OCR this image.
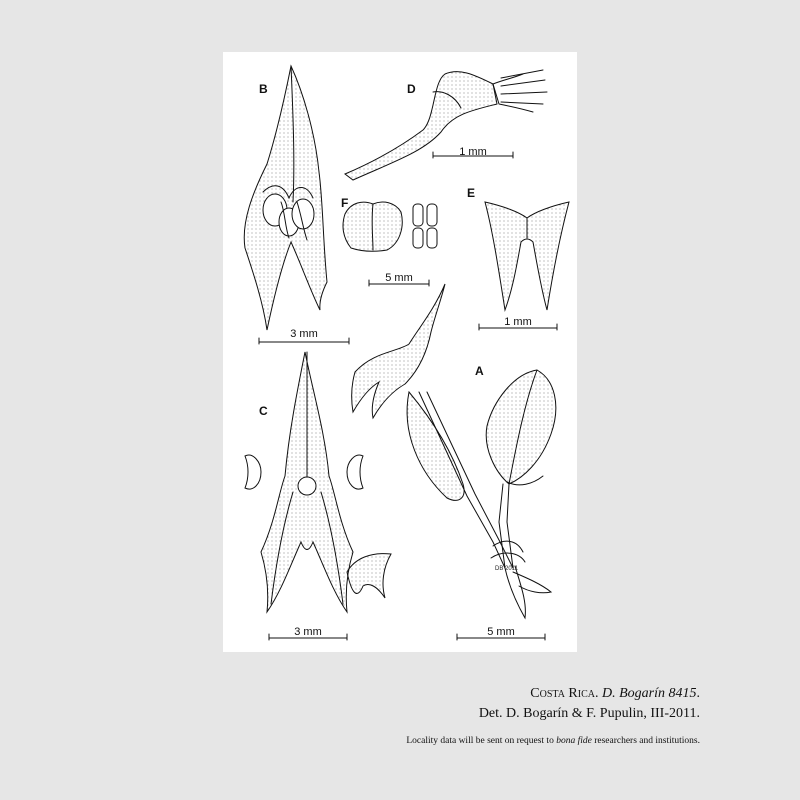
B	D
F
E
A
C
1 mm
5 mm
1 mm
3 mm
3 mm	5 mm
DB 2011
Costa Rica. D. Bogarín 8415.
Det. D. Bogarín & F. Pupulin, III-2011.
Locality data will be sent on request to bona fide researchers and institutions.
